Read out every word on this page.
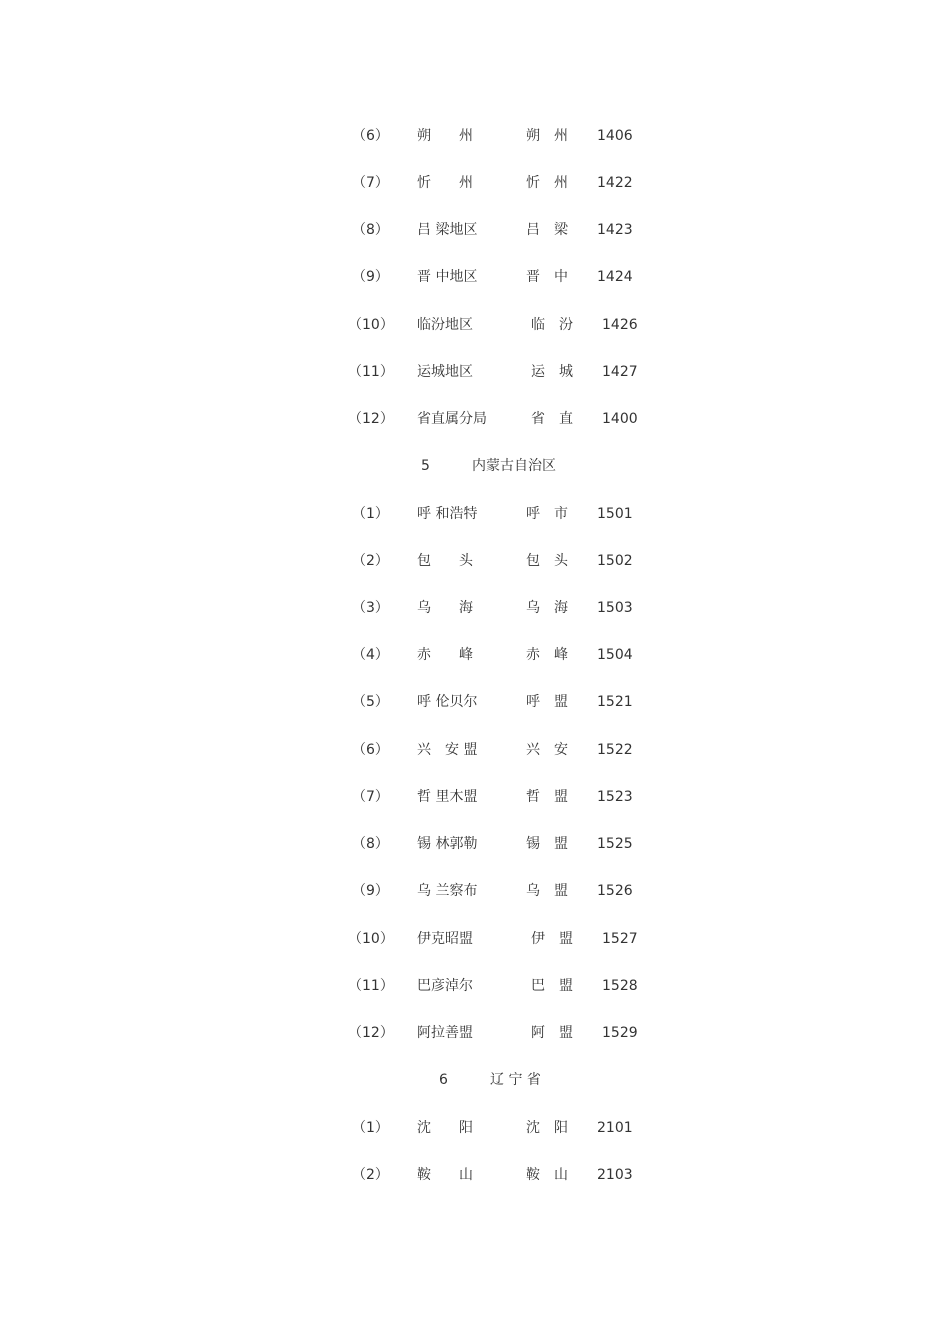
（6） 朔　　州	朔　州 1406
（7） 忻　　州	忻　州 1422
（8） 吕 梁地区	吕　梁 1423
（9） 晋 中地区	晋　中 1424
（10） 临汾地区	临　汾 1426
（11） 运城地区	运　城 1427
（12） 省直属分局	省　直 1400
5	内蒙古自治区
（1） 呼 和浩特	呼　市 1501
（2） 包　　头	包　头 1502
（3） 乌　　海	乌　海 1503
（4） 赤　　峰	赤　峰 1504
（5） 呼 伦贝尔	呼　盟 1521
（6） 兴　安 盟	兴　安 1522
（7） 哲 里木盟	哲　盟 1523
（8） 锡 林郭勒	锡　盟 1525
（9） 乌 兰察布	乌　盟 1526
（10） 伊克昭盟	伊　盟 1527
（11） 巴彦淖尔	巴　盟 1528
（12） 阿拉善盟	阿　盟 1529
6	辽 宁 省
（1） 沈　　阳	沈　阳 2101
（2） 鞍　　山	鞍　山 2103
